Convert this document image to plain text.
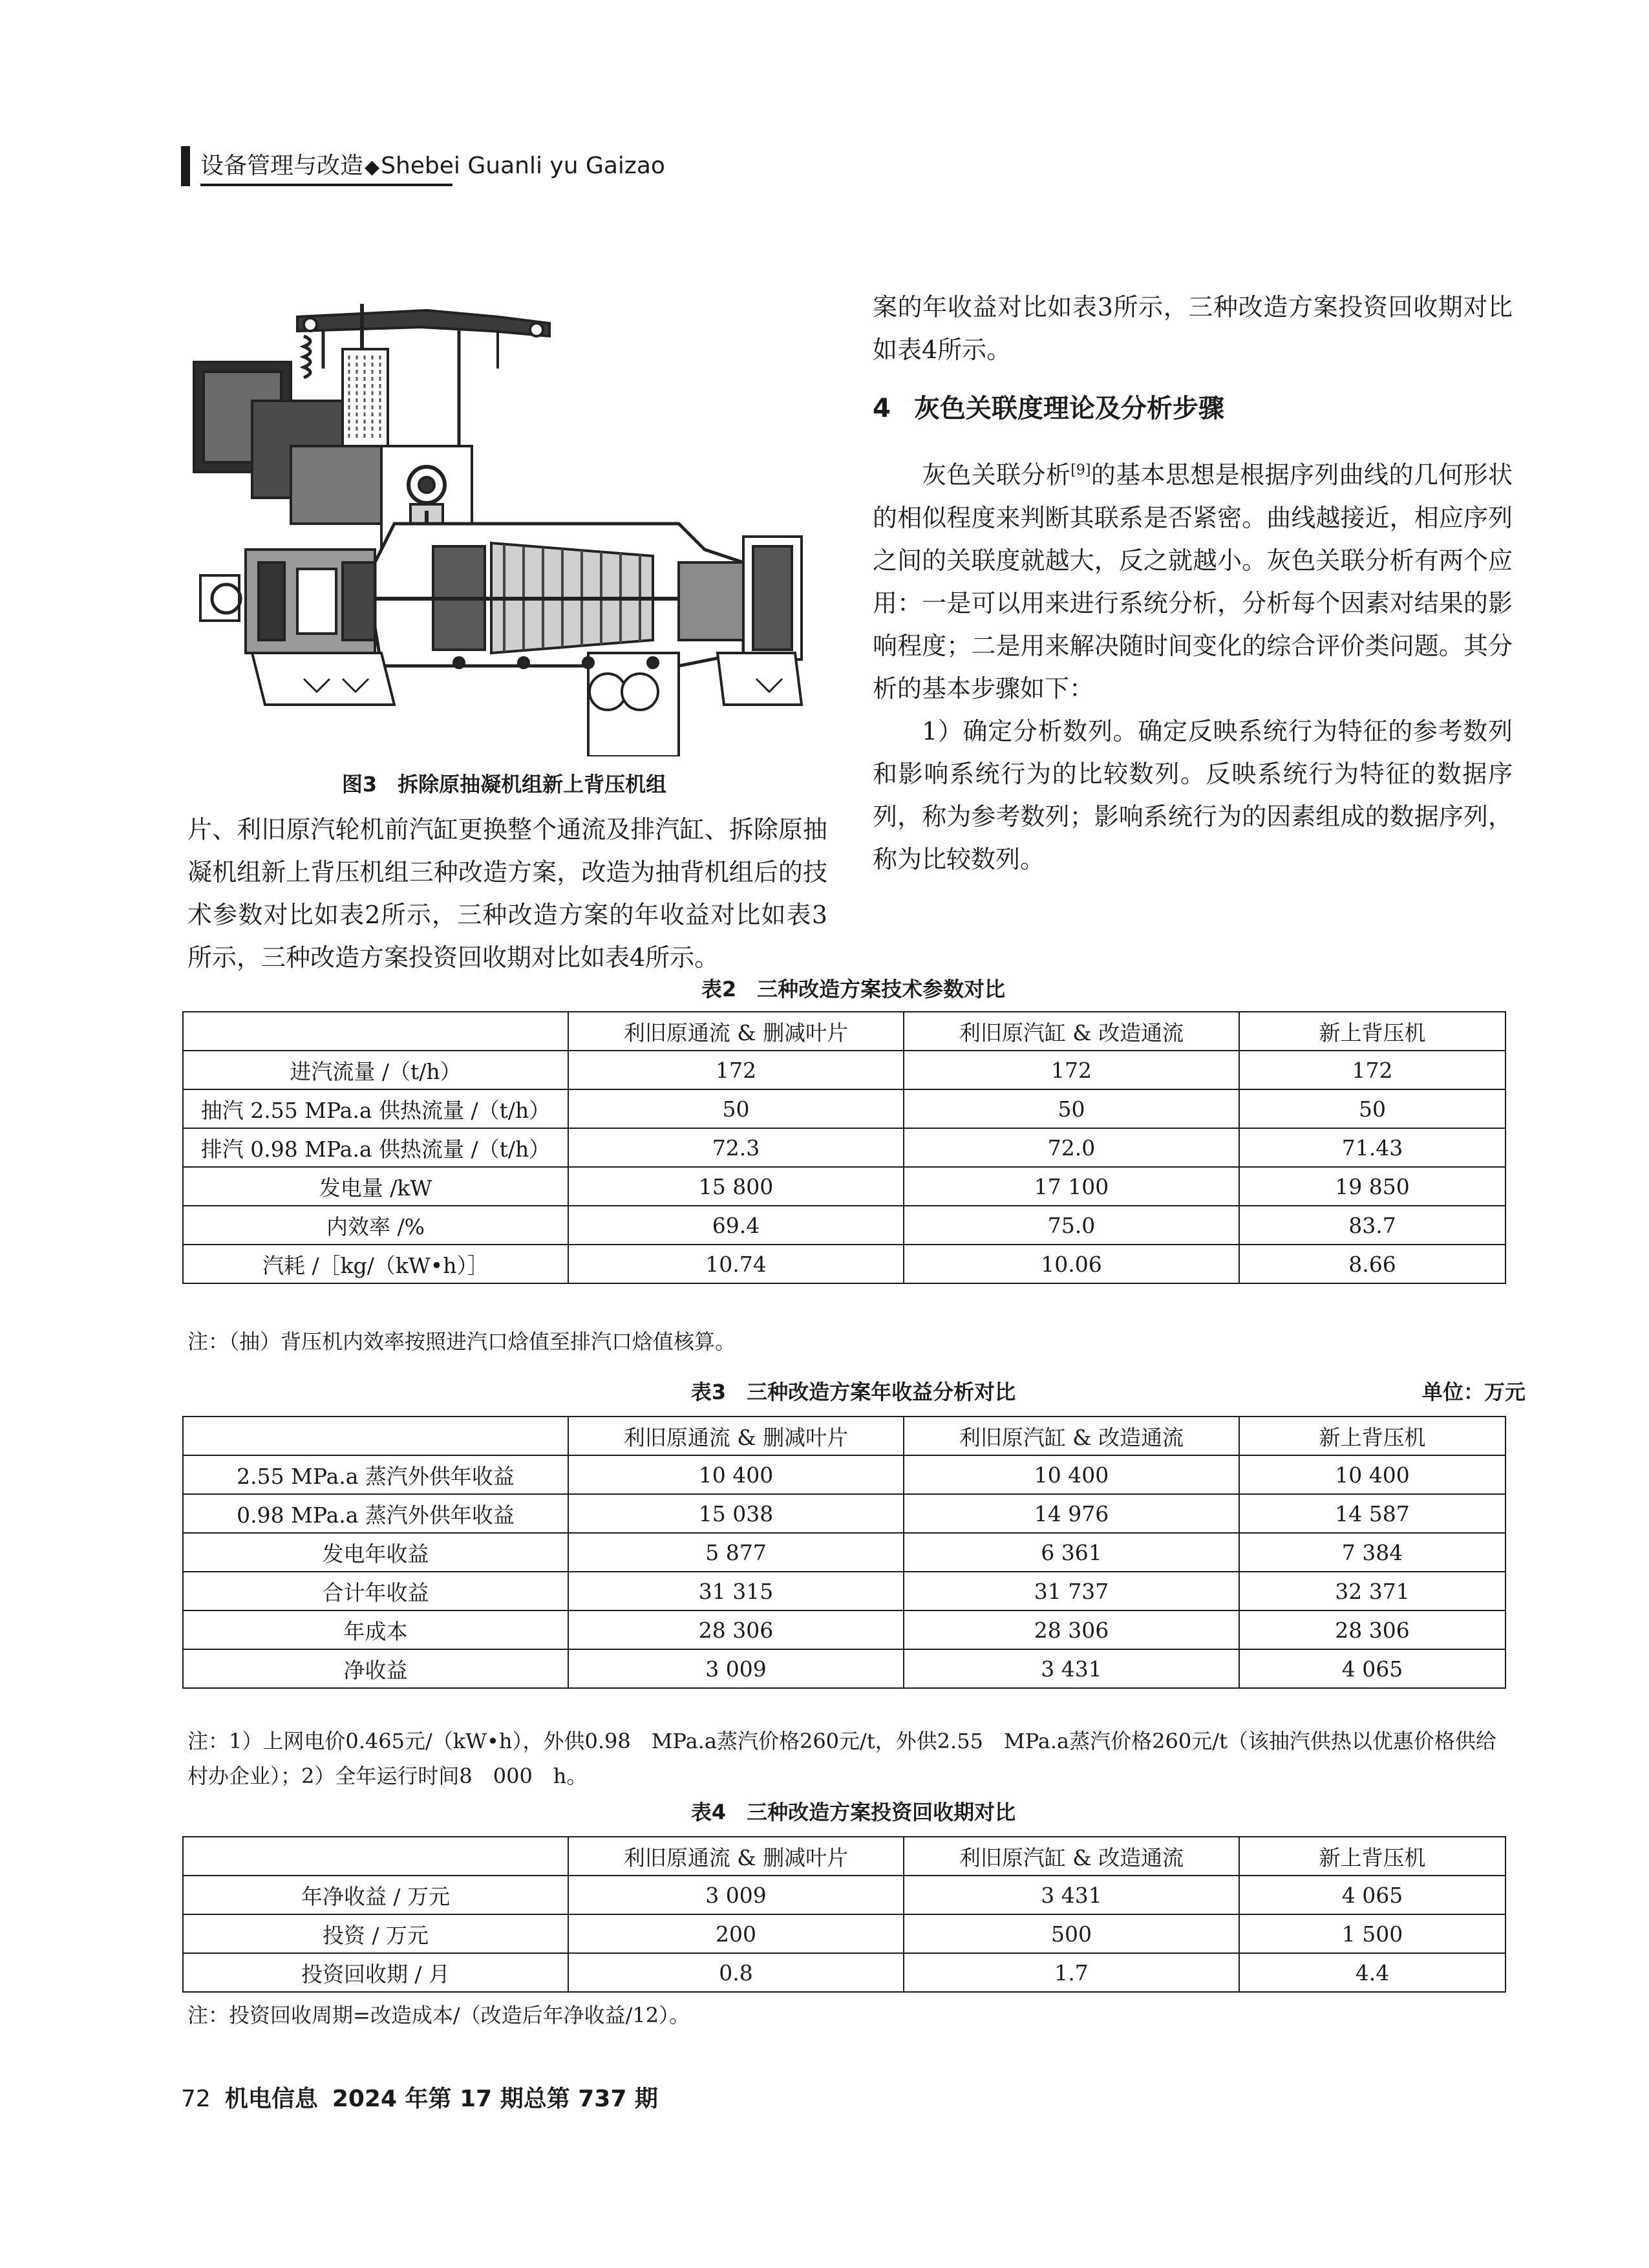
设备管理与改造◆Shebei Guanli yu Gaizao
图3　拆除原抽凝机组新上背压机组

片、利旧原汽轮机前汽缸更换整个通流及排汽缸、拆除原抽凝机组新上背压机组三种改造方案，改造为抽背机组后的技术参数对比如表2所示，三种改造方案的年收益对比如表3所示，三种改造方案投资回收期对比如表4所示。

案的年收益对比如表3所示，三种改造方案投资回收期对比如表4所示。

4 灰色关联度理论及分析步骤

灰色关联分析[9]的基本思想是根据序列曲线的几何形状的相似程度来判断其联系是否紧密。曲线越接近，相应序列之间的关联度就越大，反之就越小。灰色关联分析有两个应用：一是可以用来进行系统分析，分析每个因素对结果的影响程度；二是用来解决随时间变化的综合评价类问题。其分析的基本步骤如下：

1）确定分析数列。确定反映系统行为特征的参考数列和影响系统行为的比较数列。反映系统行为特征的数据序列，称为参考数列；影响系统行为的因素组成的数据序列，称为比较数列。

表2　三种改造方案技术参数对比
	利旧原通流 & 删减叶片	利旧原汽缸 & 改造通流	新上背压机
进汽流量 /（t/h）	172	172	172
抽汽 2.55 MPa.a 供热流量 /（t/h）	50	50	50
排汽 0.98 MPa.a 供热流量 /（t/h）	72.3	72.0	71.43
发电量 /kW	15 800	17 100	19 850
内效率 /%	69.4	75.0	83.7
汽耗 /［kg/（kW•h）］	10.74	10.06	8.66
注：（抽）背压机内效率按照进汽口焓值至排汽口焓值核算。
表3　三种改造方案年收益分析对比	单位：万元
	利旧原通流 & 删减叶片	利旧原汽缸 & 改造通流	新上背压机
2.55 MPa.a 蒸汽外供年收益	10 400	10 400	10 400
0.98 MPa.a 蒸汽外供年收益	15 038	14 976	14 587
发电年收益	5 877	6 361	7 384
合计年收益	31 315	31 737	32 371
年成本	28 306	28 306	28 306
净收益	3 009	3 431	4 065
注：1）上网电价0.465元/（kW•h），外供0.98　MPa.a蒸汽价格260元/t，外供2.55　MPa.a蒸汽价格260元/t（该抽汽供热以优惠价格供给村办企业）；2）全年运行时间8　000　h。
表4　三种改造方案投资回收期对比
	利旧原通流 & 删减叶片	利旧原汽缸 & 改造通流	新上背压机
年净收益 / 万元	3 009	3 431	4 065
投资 / 万元	200	500	1 500
投资回收期 / 月	0.8	1.7	4.4
注：投资回收周期=改造成本/（改造后年净收益/12）。
72 机电信息 2024 年第 17 期总第 737 期
